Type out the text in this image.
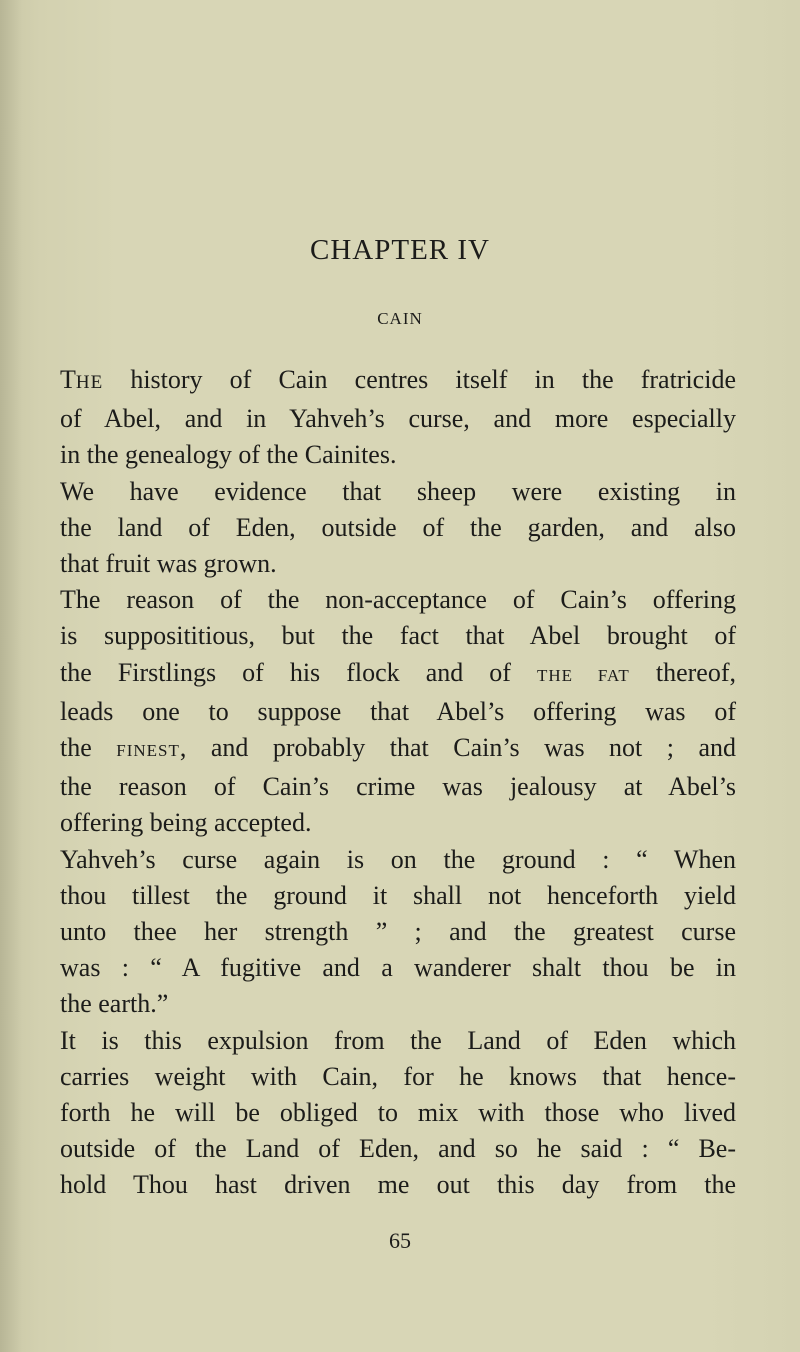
CHAPTER IV
CAIN
THE history of Cain centres itself in the fratricide
of Abel, and in Yahveh’s curse, and more especially
in the genealogy of the Cainites.
We have evidence that sheep were existing in
the land of Eden, outside of the garden, and also
that fruit was grown.
The reason of the non-acceptance of Cain’s offering
is supposititious, but the fact that Abel brought of
the Firstlings of his flock and of THE FAT thereof,
leads one to suppose that Abel’s offering was of
the FINEST, and probably that Cain’s was not ; and
the reason of Cain’s crime was jealousy at Abel’s
offering being accepted.
Yahveh’s curse again is on the ground : “ When
thou tillest the ground it shall not henceforth yield
unto thee her strength ” ; and the greatest curse
was : “ A fugitive and a wanderer shalt thou be in
the earth.”
It is this expulsion from the Land of Eden which
carries weight with Cain, for he knows that hence-
forth he will be obliged to mix with those who lived
outside of the Land of Eden, and so he said : “ Be-
hold Thou hast driven me out this day from the
65
